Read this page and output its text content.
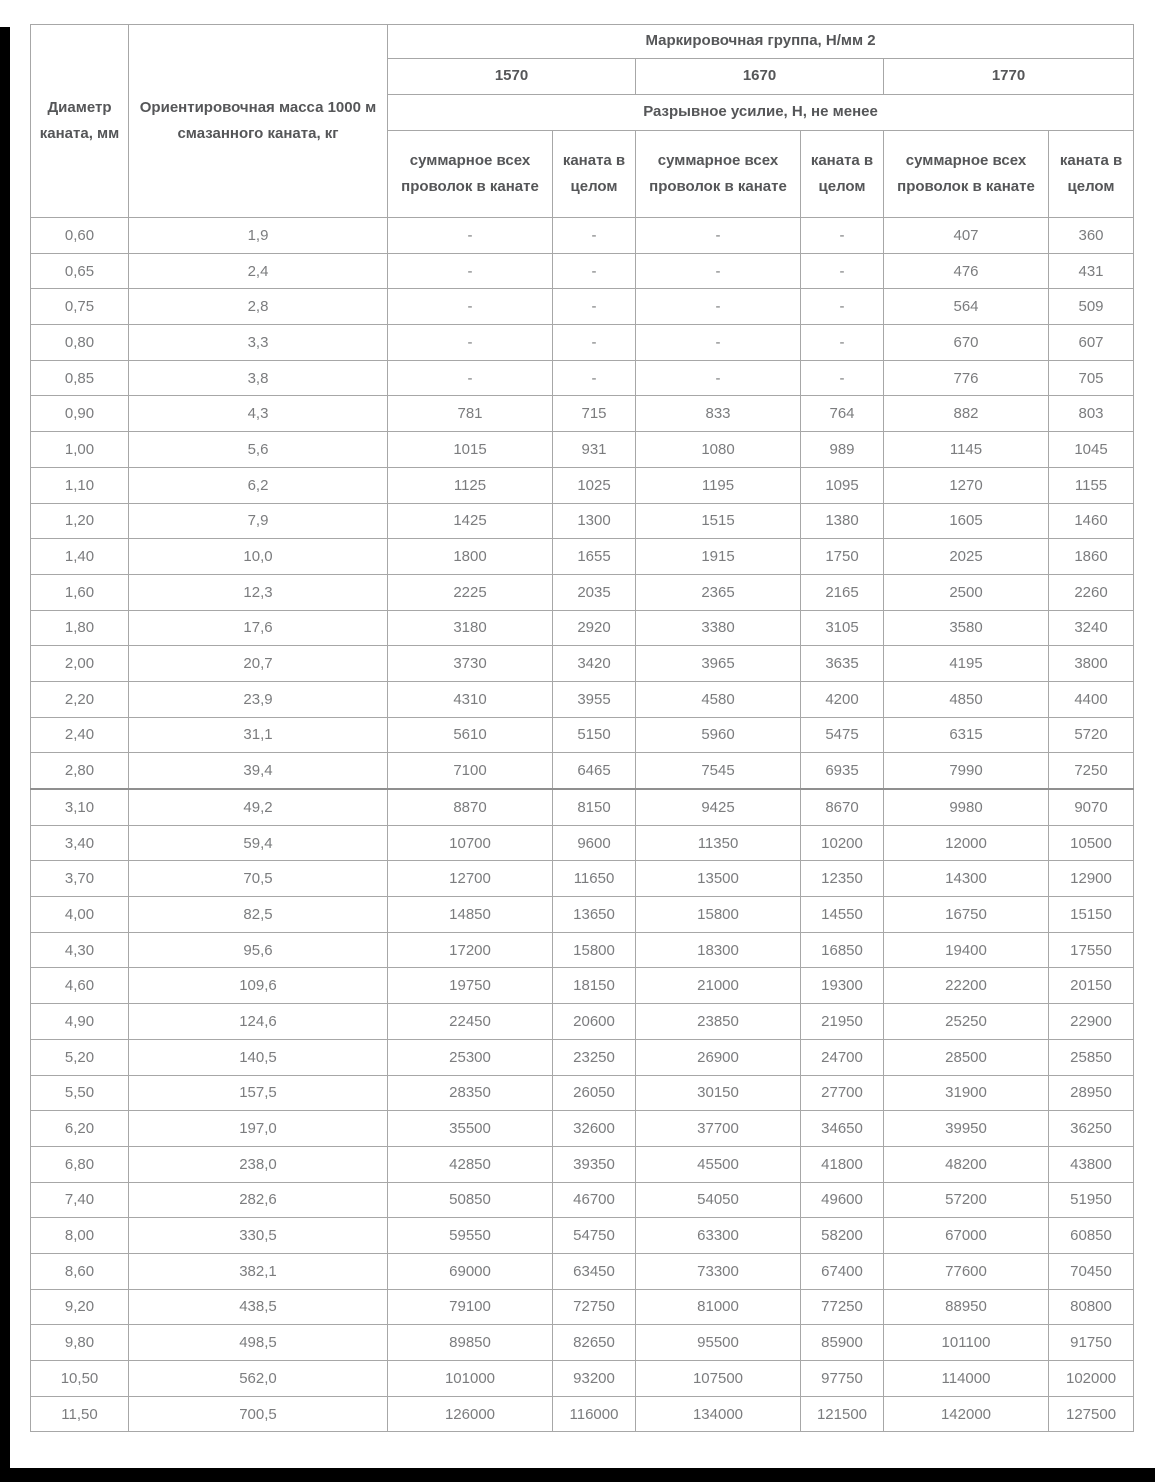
Диаметр каната, мм	Ориентировочная масса 1000 м смазанного каната, кг	Маркировочная группа, Н/мм 2					
		1570		1670		1770	
		Разрывное усилие, Н, не менее					
		суммарное всех проволок в канате	каната в целом	суммарное всех проволок в канате	каната в целом	суммарное всех проволок в канате	каната в целом
0,60	1,9	-	-	-	-	407	360
0,65	2,4	-	-	-	-	476	431
0,75	2,8	-	-	-	-	564	509
0,80	3,3	-	-	-	-	670	607
0,85	3,8	-	-	-	-	776	705
0,90	4,3	781	715	833	764	882	803
1,00	5,6	1015	931	1080	989	1145	1045
1,10	6,2	1125	1025	1195	1095	1270	1155
1,20	7,9	1425	1300	1515	1380	1605	1460
1,40	10,0	1800	1655	1915	1750	2025	1860
1,60	12,3	2225	2035	2365	2165	2500	2260
1,80	17,6	3180	2920	3380	3105	3580	3240
2,00	20,7	3730	3420	3965	3635	4195	3800
2,20	23,9	4310	3955	4580	4200	4850	4400
2,40	31,1	5610	5150	5960	5475	6315	5720
2,80	39,4	7100	6465	7545	6935	7990	7250
3,10	49,2	8870	8150	9425	8670	9980	9070
3,40	59,4	10700	9600	11350	10200	12000	10500
3,70	70,5	12700	11650	13500	12350	14300	12900
4,00	82,5	14850	13650	15800	14550	16750	15150
4,30	95,6	17200	15800	18300	16850	19400	17550
4,60	109,6	19750	18150	21000	19300	22200	20150
4,90	124,6	22450	20600	23850	21950	25250	22900
5,20	140,5	25300	23250	26900	24700	28500	25850
5,50	157,5	28350	26050	30150	27700	31900	28950
6,20	197,0	35500	32600	37700	34650	39950	36250
6,80	238,0	42850	39350	45500	41800	48200	43800
7,40	282,6	50850	46700	54050	49600	57200	51950
8,00	330,5	59550	54750	63300	58200	67000	60850
8,60	382,1	69000	63450	73300	67400	77600	70450
9,20	438,5	79100	72750	81000	77250	88950	80800
9,80	498,5	89850	82650	95500	85900	101100	91750
10,50	562,0	101000	93200	107500	97750	114000	102000
11,50	700,5	126000	116000	134000	121500	142000	127500
